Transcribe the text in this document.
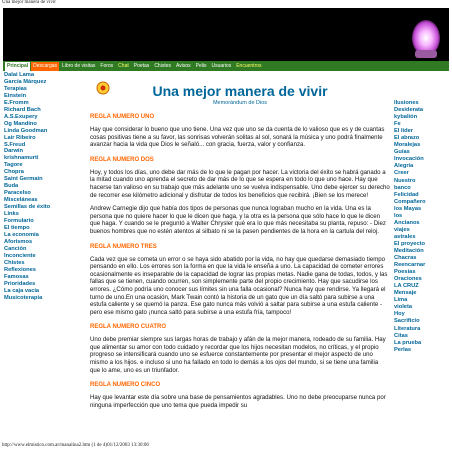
Una mejor manera de vivir
Principal	Descargas	Libro de visitas	Foros	Chat	Poetas	Chistes	Avisos	Pelis	Usuarios	Encuentros
Dalai Lama
García Márquez
Terapias
Einstein
E.Fromm
Richard Bach
A.S.Exupery
Og Mandino
Linda Goodman
Lair Ribeiro
S.Freud
Darwin
krishnamurti
Tagore
Chopra
Saint Germain
Buda
Paracelso
Misceláneas
Semillas de éxito
Links
Formulario
El tiempo
La economía
Aforismos
Canción
Inconciente
Chistes
Reflexiones
Famosas
Prioridades
La caja vacía
Musicoterapia
Ilusiones
Desiderata
kybalión
Fe
El líder
El abrazo
Moralejas
Guías
Invocación
Alegría
Creer
Nuestro
banco
Felicidad
Compañero
los Mayas
los
Ancianos
viajes
astrales
El proyecto
Meditación
Chacras
Reencarnar
Poesías
Oraciones
LA CRUZ
Mensaje
Lima
violeta
Hoy
Sacrificio
Literatura
Citas
La prueba
Perlas
Una mejor manera de vivir
Memorándum de Dios
REGLA NUMERO UNO
Hay que considerar lo bueno que uno tiene. Una vez que uno se da cuenta de lo valioso que es y de cuantas cosas positivas tiene a su favor, las sonrisas volverán solitas al sol, sonará la música y uno podrá finalmente avanzar hacia la vida que Dios le señaló... con gracia, fuerza, valor y confianza.
REGLA NUMERO DOS
Hoy, y todos los días, uno debe dar más de lo que le pagan por hacer. La victoria del éxito se habrá ganado a la mitad cuando uno aprenda el secreto de dar más de lo que se espera en todo lo que uno hace. Hay que hacerse tan valioso en su trabajo que más adelante uno se vuelva indispensable. Uno debe ejercer su derecho de recorrer ese kilómetro adicional y disfrutar de todos los beneficios que recibirá. ¡Bien se los merece!
Andrew Carnegie dijo que había dos tipos de personas que nunca lograban mucho en la vida. Una es la persona que no quiere hacer lo que le dicen que haga, y la otra es la persona que sólo hace lo que le dicen que haga. Y cuando se le preguntó a Walter Chrysler qué era lo que más necesitaba su planta, repuso: - Diez buenos hombres que no estén atentos al silbato ni se la pasen pendientes de la hora en la cartula del reloj.
REGLA NUMERO TRES
Cada vez que se cometa un error o se haya sido abatido por la vida, no hay que quedarse demasiado tiempo pensando en ello. Los errores son la forma en que la vida le enseña a uno. La capacidad de cometer errores ocasionalmente es inseparable de la capacidad de lograr las propias metas. Nadie gana de todas, todos, y las fallas que se tienen, cuando ocurren, son simplemente parte del propio crecimiento. Hay que sacudirse los errores. ¿Cómo podría uno conocer sus límites sin una falla ocasional? Nunca hay que rendirse. Ya llegará el turno de uno.En una ocasión, Mark Twain contó la historia de un gato que un día saltó para subirse a una estufa caliente y se quemó la panza. Ese gato nunca más volvió a saltar para subirse a una estufa caliente - pero ese mismo gato ¡nunca saltó para subirse a una estufa fría, tampoco!
REGLA NUMERO CUATRO
Uno debe premiar siempre sus largas horas de trabajo y afán de la mejor manera, rodeado de su familia. Hay que alimentar su amor con todo cuidado y recordar que los hijos necesitan modelos, no críticas, y el propio progreso se intensificará cuando uno se esfuerce constantemente por presentar el mejor aspecto de uno mismo a los hijos. e incluso si uno ha fallado en todo lo demás a los ojos del mundo, si se tiene una familia que lo ame, uno es un triunfador.
REGLA NUMERO CINCO
Hay que levantar este día sobre una base de pensamientos agradables. Uno no debe preocuparse nunca por ninguna imperfección que uno tema que pueda impedir su
http://www.elmistico.com.ar/manalina2.htm (1 de 4)01/12/2003 13:30:06
